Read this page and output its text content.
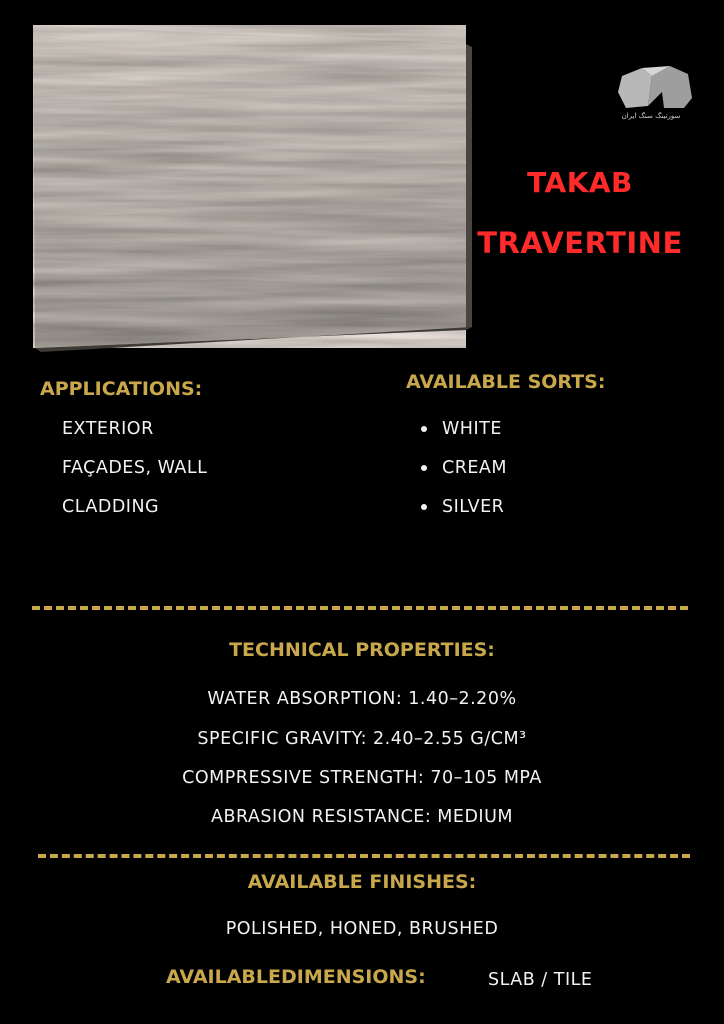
سورتینگ سنگ ایران
TAKAB
TRAVERTINE
APPLICATIONS:
EXTERIOR
FAÇADES, WALL
CLADDING
AVAILABLE SORTS:
WHITE
CREAM
SILVER
TECHNICAL PROPERTIES:
WATER ABSORPTION: 1.40–2.20%
SPECIFIC GRAVITY: 2.40–2.55 G/CM³
COMPRESSIVE STRENGTH: 70–105 MPA
ABRASION RESISTANCE: MEDIUM
AVAILABLE FINISHES:
POLISHED, HONED, BRUSHED
AVAILABLEDIMENSIONS:	SLAB / TILE
